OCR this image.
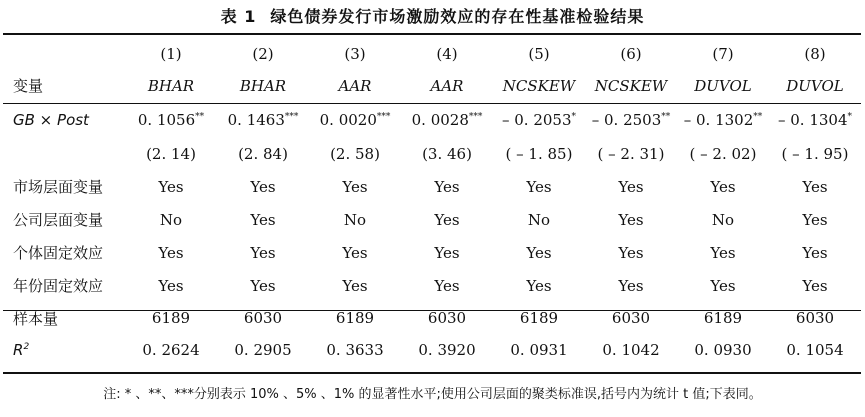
表 1 绿色债券发行市场激励效应的存在性基准检验结果
	(1)	(2)	(3)	(4)	(5)	(6)	(7)	(8)
变量	BHAR	BHAR	AAR	AAR	NCSKEW	NCSKEW	DUVOL	DUVOL
GB × Post	0. 1056**	0. 1463***	0. 0020***	0. 0028***	– 0. 2053*	– 0. 2503**	– 0. 1302**	– 0. 1304*
	(2. 14)	(2. 84)	(2. 58)	(3. 46)	( – 1. 85)	( – 2. 31)	( – 2. 02)	( – 1. 95)
市场层面变量	Yes	Yes	Yes	Yes	Yes	Yes	Yes	Yes
公司层面变量	No	Yes	No	Yes	No	Yes	No	Yes
个体固定效应	Yes	Yes	Yes	Yes	Yes	Yes	Yes	Yes
年份固定效应	Yes	Yes	Yes	Yes	Yes	Yes	Yes	Yes
样本量	6189	6030	6189	6030	6189	6030	6189	6030
$R^2$	0. 2624	0. 2905	0. 3633	0. 3920	0. 0931	0. 1042	0. 0930	0. 1054
注: * 、**、***分别表示 10% 、5% 、1% 的显著性水平;使用公司层面的聚类标准误,括号内为统计 t 值;下表同。
